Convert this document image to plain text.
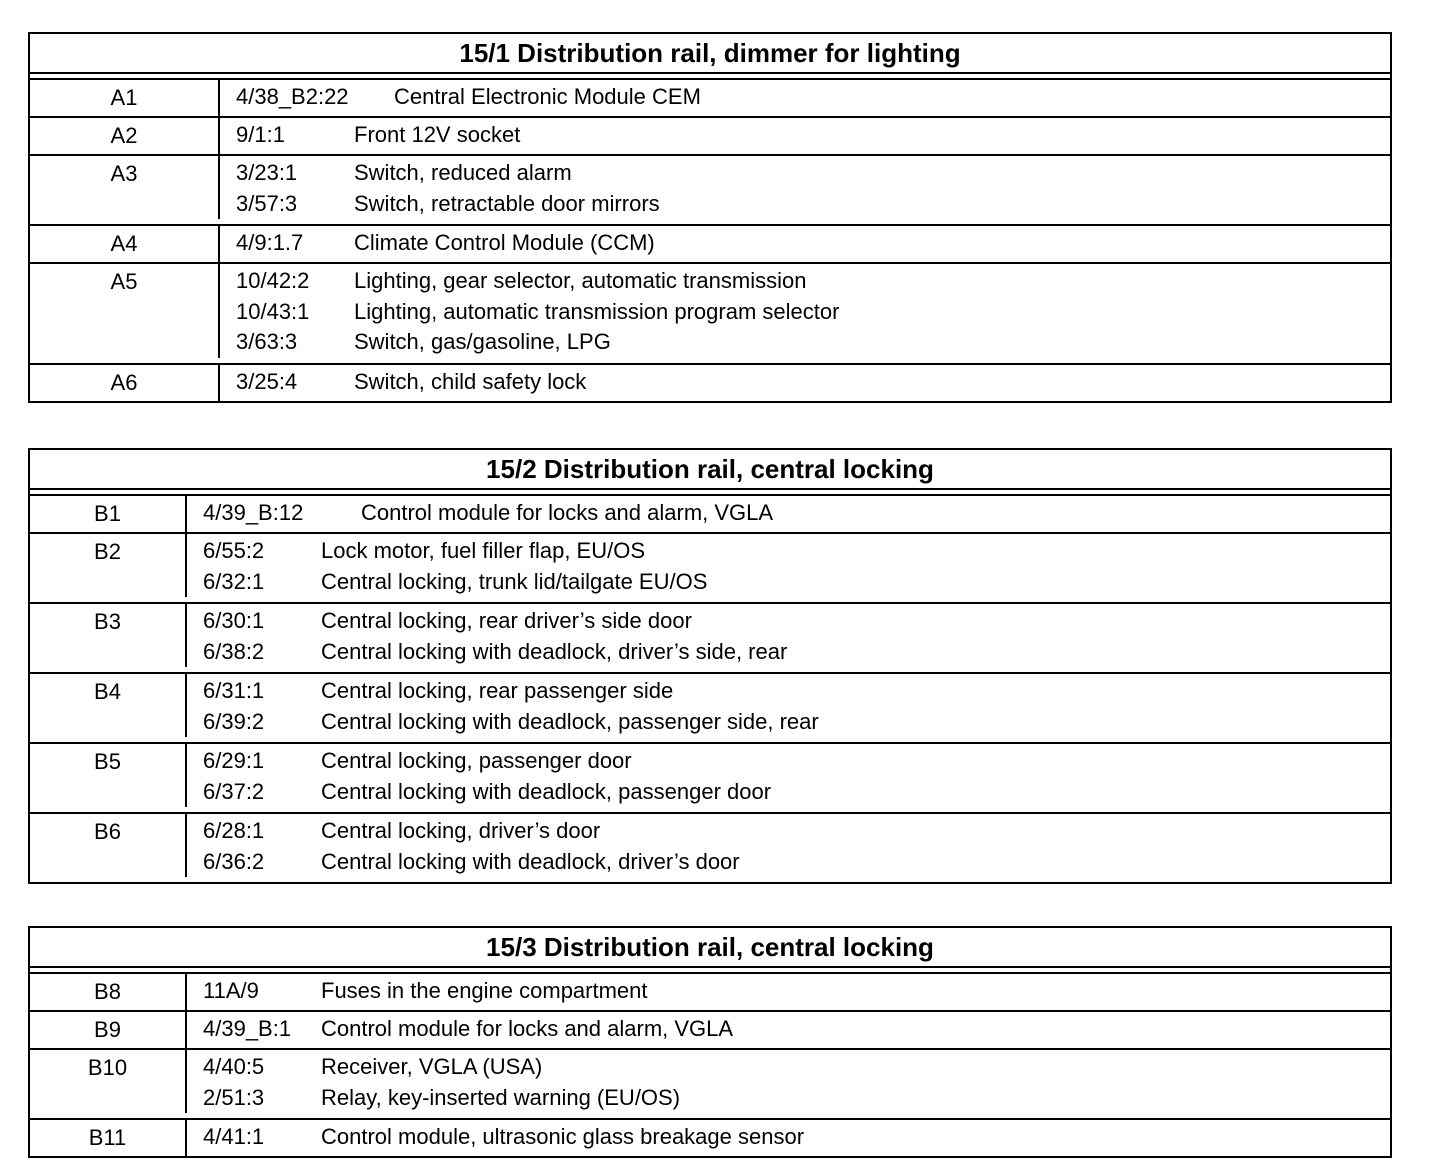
15/1 Distribution rail, dimmer for lighting
A1	4/38_B2:22	Central Electronic Module CEM
A2	9/1:1	Front 12V socket
A3	3/23:1	Switch, reduced alarm
3/57:3	Switch, retractable door mirrors
A4	4/9:1.7	Climate Control Module (CCM)
A5	10/42:2	Lighting, gear selector, automatic transmission
10/43:1	Lighting, automatic transmission program selector
3/63:3	Switch, gas/gasoline, LPG
A6	3/25:4	Switch, child safety lock
15/2 Distribution rail, central locking
B1	4/39_B:12	Control module for locks and alarm, VGLA
B2	6/55:2	Lock motor, fuel filler flap, EU/OS
6/32:1	Central locking, trunk lid/tailgate EU/OS
B3	6/30:1	Central locking, rear driver’s side door
6/38:2	Central locking with deadlock, driver’s side, rear
B4	6/31:1	Central locking, rear passenger side
6/39:2	Central locking with deadlock, passenger side, rear
B5	6/29:1	Central locking, passenger door
6/37:2	Central locking with deadlock, passenger door
B6	6/28:1	Central locking, driver’s door
6/36:2	Central locking with deadlock, driver’s door
15/3 Distribution rail, central locking
B8	11A/9	Fuses in the engine compartment
B9	4/39_B:1	Control module for locks and alarm, VGLA
B10	4/40:5	Receiver, VGLA (USA)
2/51:3	Relay, key-inserted warning (EU/OS)
B11	4/41:1	Control module, ultrasonic glass breakage sensor
